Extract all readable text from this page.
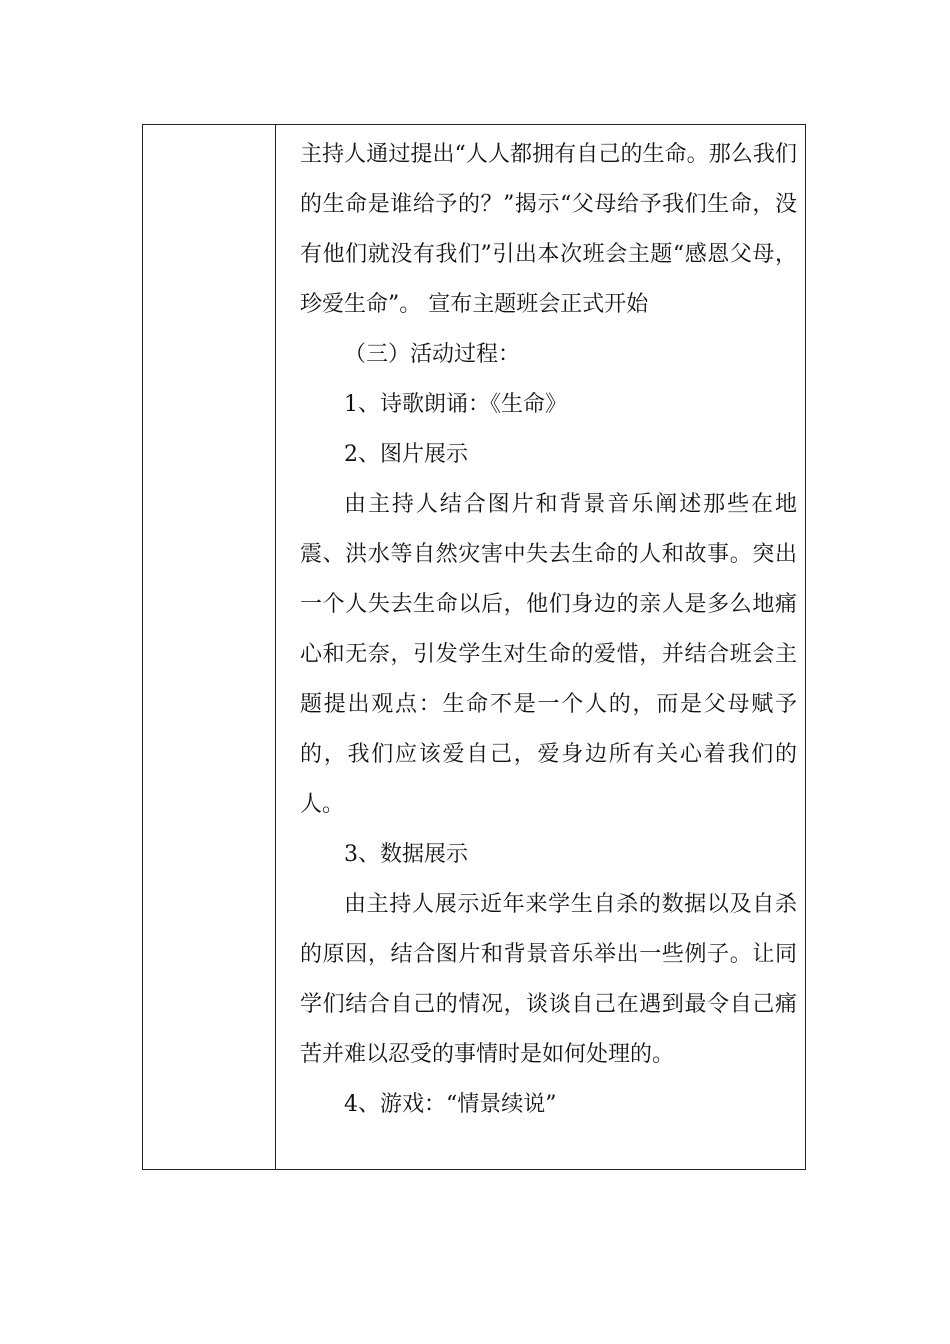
主持人通过提出“人人都拥有自己的生命。那么我们的生命是谁给予的？”揭示“父母给予我们生命，没有他们就没有我们”引出本次班会主题“感恩父母，珍爱生命”。 宣布主题班会正式开始

（三）活动过程：

1、诗歌朗诵：《生命》

2、图片展示

由主持人结合图片和背景音乐阐述那些在地震、洪水等自然灾害中失去生命的人和故事。突出一个人失去生命以后，他们身边的亲人是多么地痛心和无奈，引发学生对生命的爱惜，并结合班会主题提出观点：生命不是一个人的，而是父母赋予的，我们应该爱自己，爱身边所有关心着我们的人。

3、数据展示

由主持人展示近年来学生自杀的数据以及自杀的原因，结合图片和背景音乐举出一些例子。让同学们结合自己的情况，谈谈自己在遇到最令自己痛苦并难以忍受的事情时是如何处理的。

4、游戏：“情景续说”
